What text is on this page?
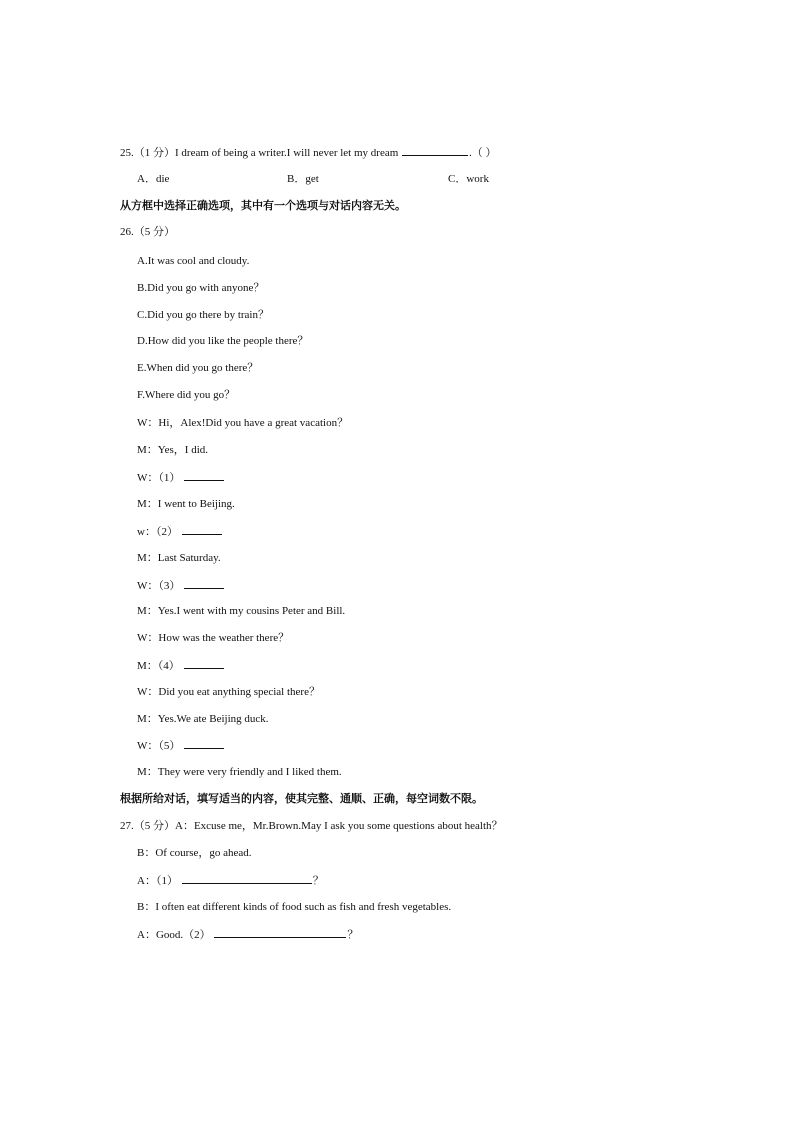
25.（1 分）I dream of being a writer.I will never let my dream	.（ ）
A．die	B．get	C．work
从方框中选择正确选项，其中有一个选项与对话内容无关。
26.（5 分）
A.It was cool and cloudy.
B.Did you go with anyone？
C.Did you go there by train？
D.How did you like the people there？
E.When did you go there？
F.Where did you go？
W：Hi，Alex!Did you have a great vacation？
M：Yes，I did.
W：（1）
M：I went to Beijing.
w：（2）
M：Last Saturday.
W：（3）
M：Yes.I went with my cousins Peter and Bill.
W：How was the weather there？
M：（4）
W：Did you eat anything special there？
M：Yes.We ate Beijing duck.
W：（5）
M：They were very friendly and I liked them.
根据所给对话，填写适当的内容，使其完整、通顺、正确，每空词数不限。
27.（5 分）A：Excuse me，Mr.Brown.May I ask you some questions about health？
B：Of course，go ahead.
A：（1）	？
B：I often eat different kinds of food such as fish and fresh vegetables.
A：Good.（2）	？
